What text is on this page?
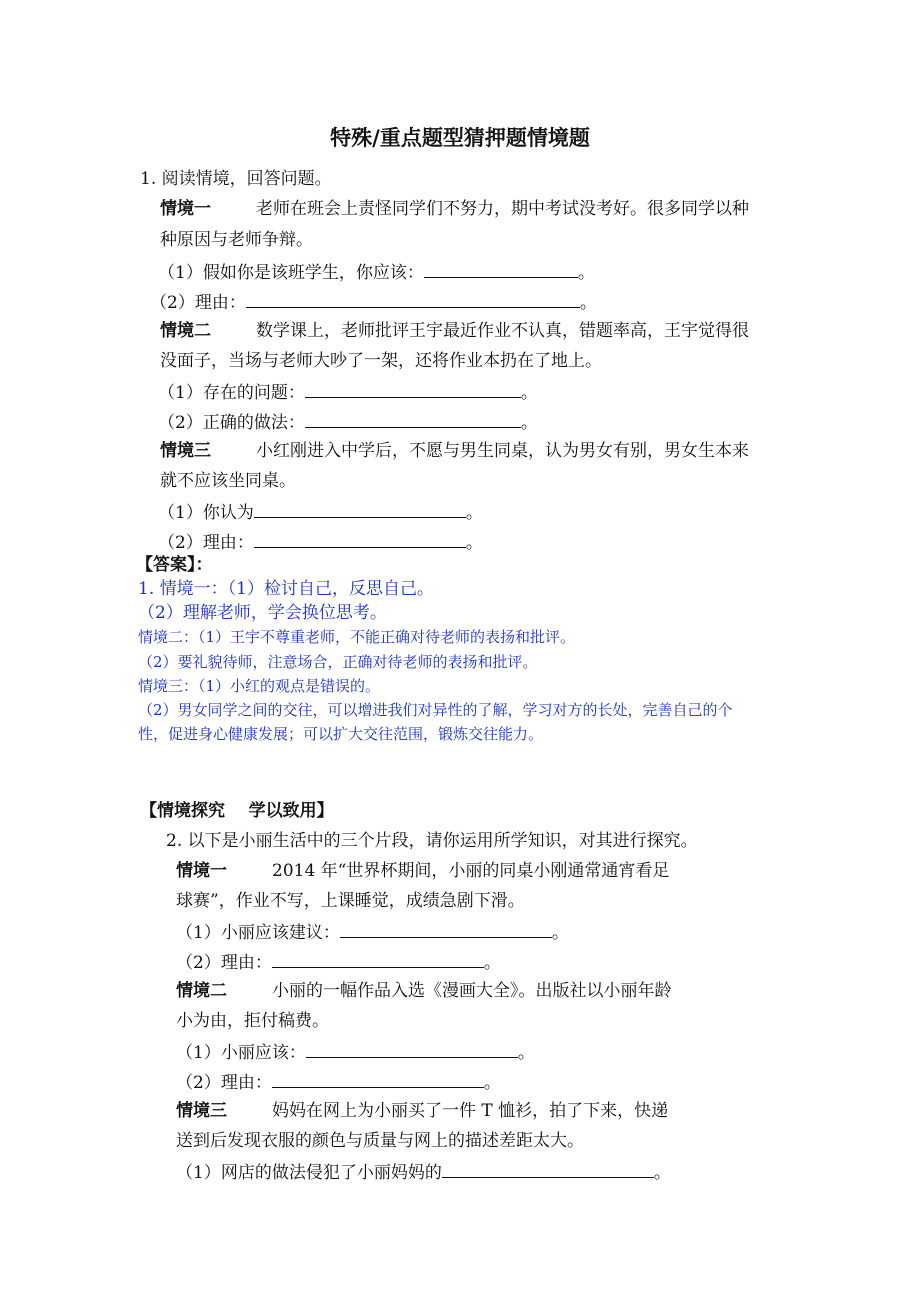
特殊/重点题型猜押题情境题
1. 阅读情境，回答问题。
情境一	老师在班会上责怪同学们不努力，期中考试没考好。很多同学以种
种原因与老师争辩。
（1）假如你是该班学生，你应该：	。
（2）理由：	。
情境二	数学课上，老师批评王宇最近作业不认真，错题率高，王宇觉得很
没面子，当场与老师大吵了一架，还将作业本扔在了地上。
（1）存在的问题：	。
（2）正确的做法：	。
情境三	小红刚进入中学后，不愿与男生同桌，认为男女有别，男女生本来
就不应该坐同桌。
（1）你认为	。
（2）理由：	。
【答案】：
1. 情境一：（1）检讨自己，反思自己。
（2）理解老师，学会换位思考。
情境二：（1）王宇不尊重老师，不能正确对待老师的表扬和批评。
（2）要礼貌待师，注意场合，正确对待老师的表扬和批评。
情境三：（1）小红的观点是错误的。
（2）男女同学之间的交往，可以增进我们对异性的了解，学习对方的长处，完善自己的个
性，促进身心健康发展；可以扩大交往范围，锻炼交往能力。
【情境探究    学以致用】
2. 以下是小丽生活中的三个片段，请你运用所学知识，对其进行探究。
情境一	2014 年“世界杯期间，小丽的同桌小刚通常通宵看足
球赛”，作业不写，上课睡觉，成绩急剧下滑。
（1）小丽应该建议：	。
（2）理由：	。
情境二	小丽的一幅作品入选《漫画大全》。出版社以小丽年龄
小为由，拒付稿费。
（1）小丽应该：	。
（2）理由：	。
情境三	妈妈在网上为小丽买了一件 T 恤衫，拍了下来，快递
送到后发现衣服的颜色与质量与网上的描述差距太大。
（1）网店的做法侵犯了小丽妈妈的	。
